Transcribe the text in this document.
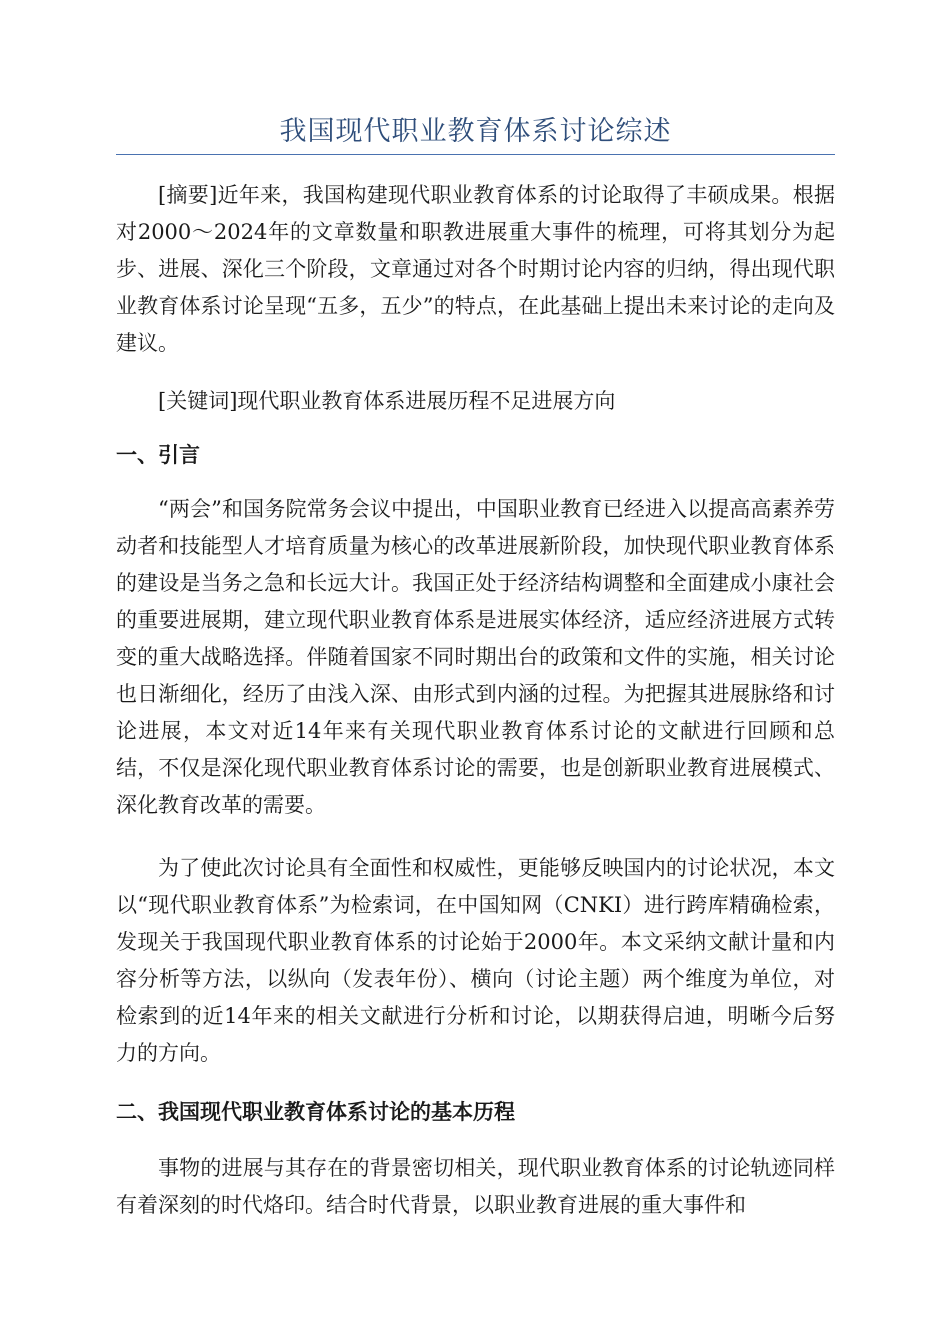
我国现代职业教育体系讨论综述

[摘要]近年来，我国构建现代职业教育体系的讨论取得了丰硕成果。根据对2000～2024年的文章数量和职教进展重大事件的梳理，可将其划分为起步、进展、深化三个阶段，文章通过对各个时期讨论内容的归纳，得出现代职业教育体系讨论呈现“五多，五少”的特点，在此基础上提出未来讨论的走向及建议。

[关键词]现代职业教育体系进展历程不足进展方向

一、引言

“两会”和国务院常务会议中提出，中国职业教育已经进入以提高高素养劳动者和技能型人才培育质量为核心的改革进展新阶段，加快现代职业教育体系的建设是当务之急和长远大计。我国正处于经济结构调整和全面建成小康社会的重要进展期，建立现代职业教育体系是进展实体经济，适应经济进展方式转变的重大战略选择。伴随着国家不同时期出台的政策和文件的实施，相关讨论也日渐细化，经历了由浅入深、由形式到内涵的过程。为把握其进展脉络和讨论进展，本文对近14年来有关现代职业教育体系讨论的文献进行回顾和总结，不仅是深化现代职业教育体系讨论的需要，也是创新职业教育进展模式、深化教育改革的需要。

为了使此次讨论具有全面性和权威性，更能够反映国内的讨论状况，本文以“现代职业教育体系”为检索词，在中国知网（CNKI）进行跨库精确检索，发现关于我国现代职业教育体系的讨论始于2000年。本文采纳文献计量和内容分析等方法，以纵向（发表年份）、横向（讨论主题）两个维度为单位，对检索到的近14年来的相关文献进行分析和讨论，以期获得启迪，明晰今后努力的方向。

二、我国现代职业教育体系讨论的基本历程

事物的进展与其存在的背景密切相关，现代职业教育体系的讨论轨迹同样有着深刻的时代烙印。结合时代背景，以职业教育进展的重大事件和
